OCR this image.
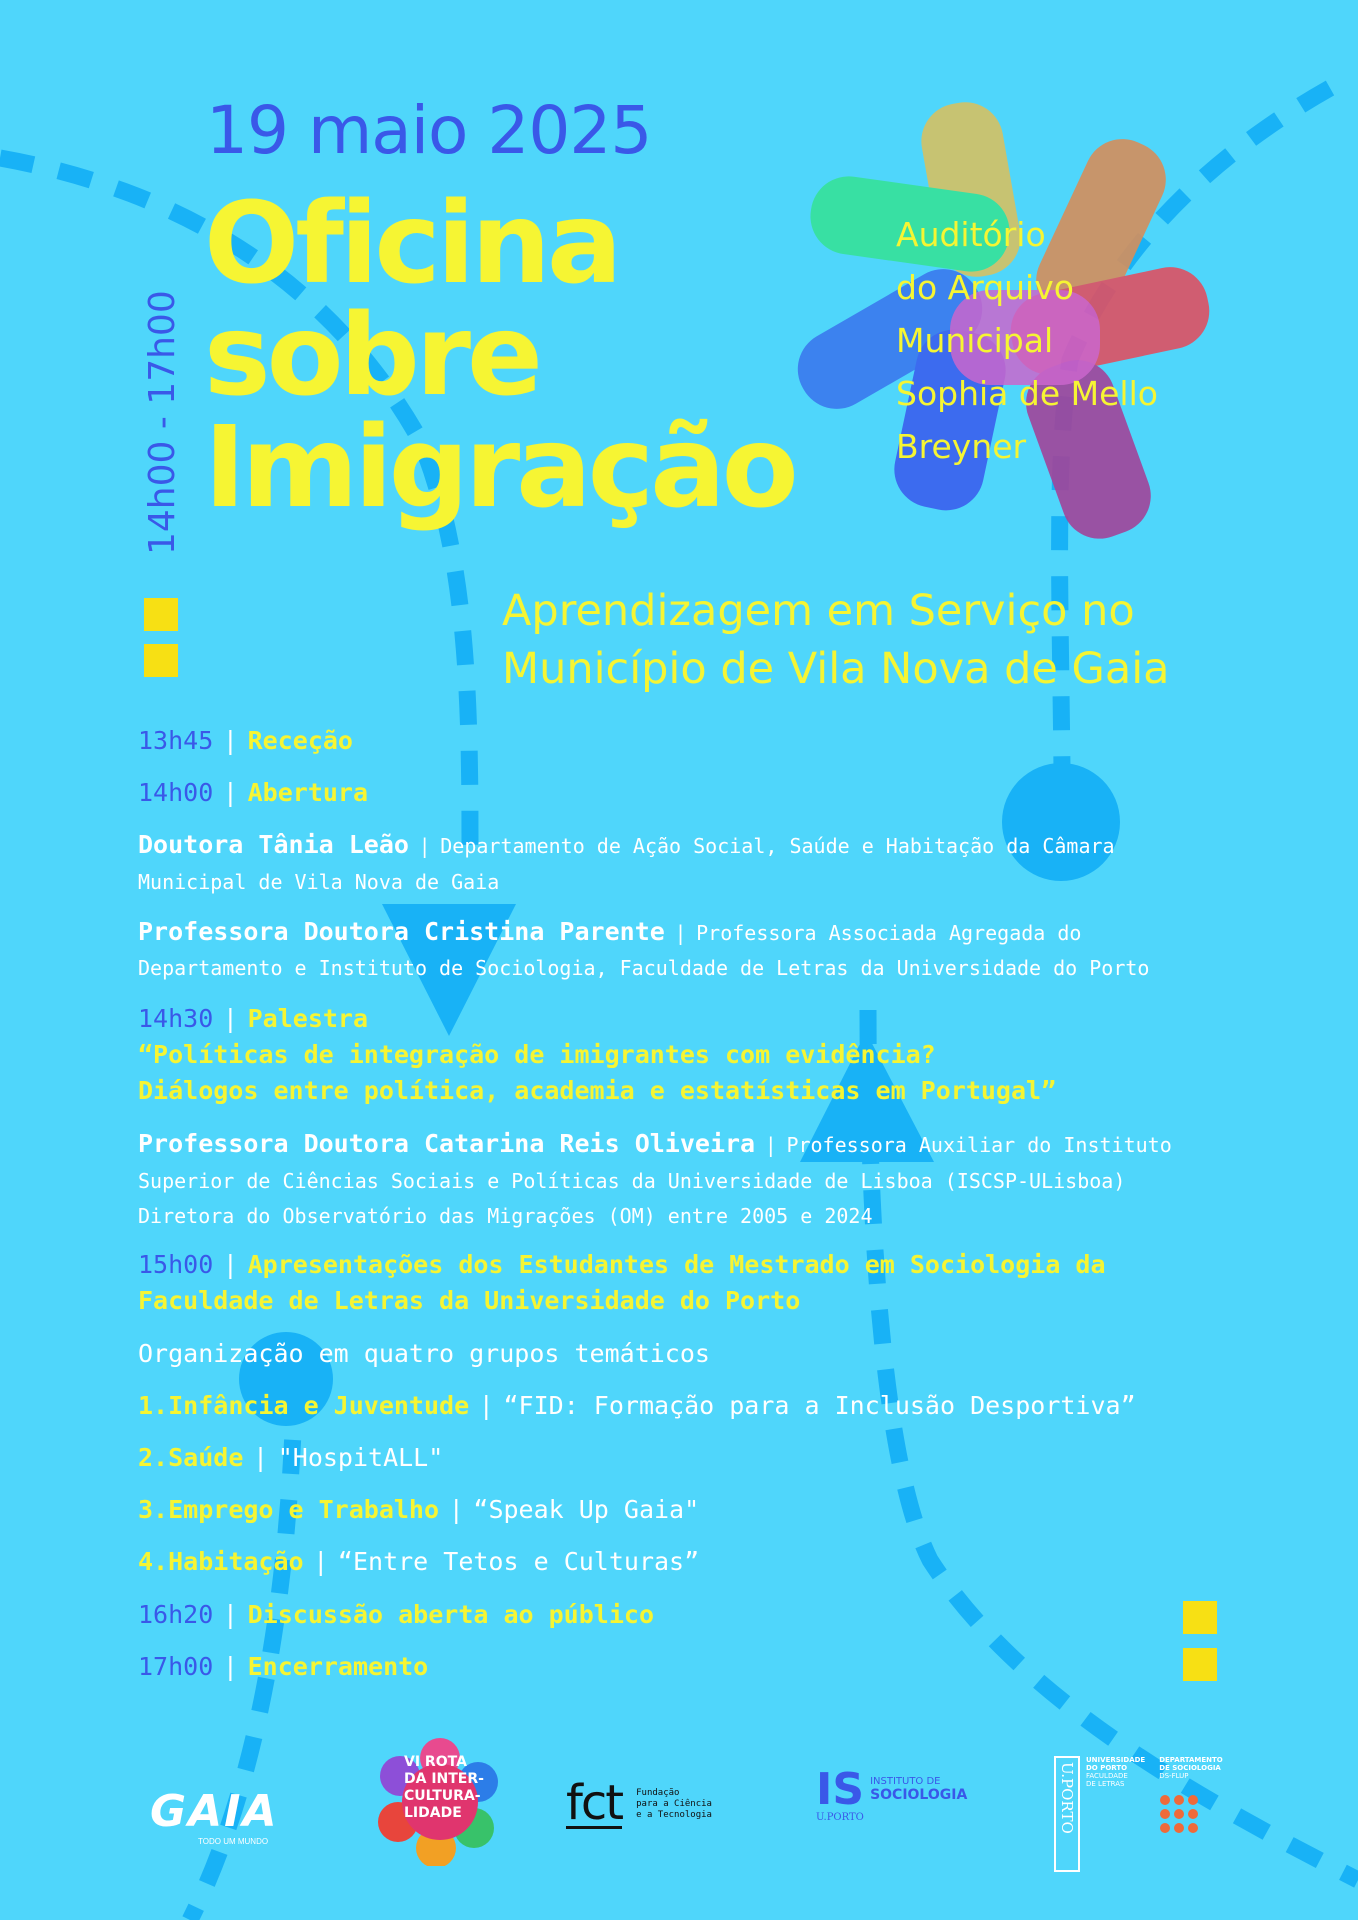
19 maio 2025
Oficina
sobre
Imigração
14h00 - 17h00
Auditório
do Arquivo
Municipal
Sophia de Mello
Breyner
Aprendizagem em Serviço no
Município de Vila Nova de Gaia
13h45 | Receção
14h00 | Abertura
Doutora Tânia Leão | Departamento de Ação Social, Saúde e Habitação da Câmara
Municipal de Vila Nova de Gaia
Professora Doutora Cristina Parente | Professora Associada Agregada do
Departamento e Instituto de Sociologia, Faculdade de Letras da Universidade do Porto
14h30 | Palestra
“Políticas de integração de imigrantes com evidência?
Diálogos entre política, academia e estatísticas em Portugal”
Professora Doutora Catarina Reis Oliveira | Professora Auxiliar do Instituto
Superior de Ciências Sociais e Políticas da Universidade de Lisboa (ISCSP-ULisboa)
Diretora do Observatório das Migrações (OM) entre 2005 e 2024
15h00 | Apresentações dos Estudantes de Mestrado em Sociologia da
Faculdade de Letras da Universidade do Porto
Organização em quatro grupos temáticos
1.Infância e Juventude | “FID: Formação para a Inclusão Desportiva”
2.Saúde | "HospitALL"
3.Emprego e Trabalho | “Speak Up Gaia"
4.Habitação | “Entre Tetos e Culturas”
16h20 | Discussão aberta ao público
17h00 | Encerramento
GAIA
TODO UM MUNDO
VI ROTA
DA INTER-
CULTURA-
LIDADE	fct Fundação
para a Ciência
e a Tecnologia IS
U.PORTO
INSTITUTO DE
SOCIOLOGIA	U.PORTO
UNIVERSIDADE
DO PORTO
FACULDADE
DE LETRAS
DEPARTAMENTO
DE SOCIOLOGIA
DS-FLUP
